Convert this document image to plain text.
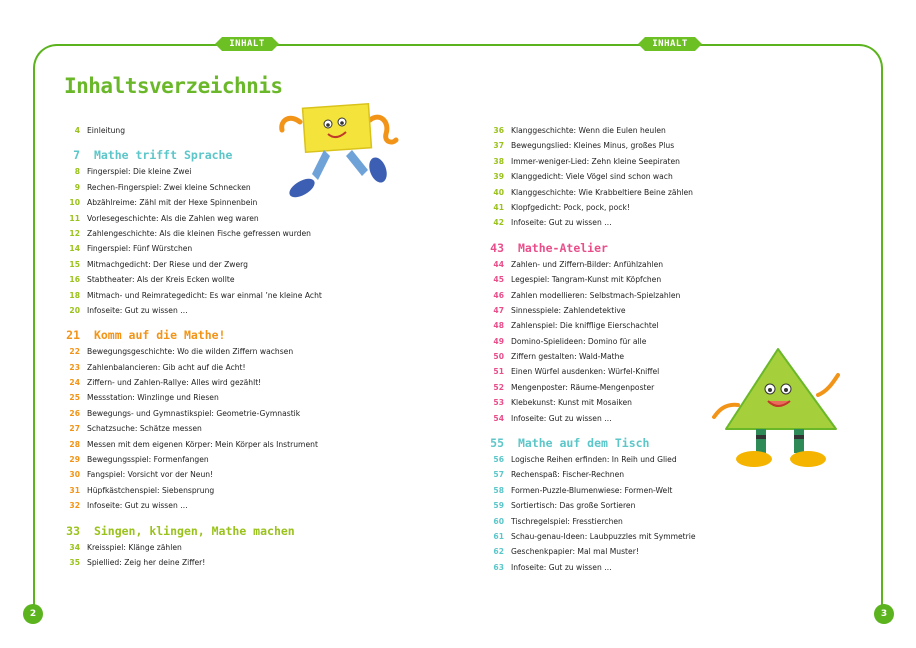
INHALT	INHALT
Inhaltsverzeichnis
4 Einleitung
7 Mathe trifft Sprache
8 Fingerspiel: Die kleine Zwei
9 Rechen-Fingerspiel: Zwei kleine Schnecken
10 Abzählreime: Zähl mit der Hexe Spinnenbein
11 Vorlesegeschichte: Als die Zahlen weg waren
12 Zahlengeschichte: Als die kleinen Fische gefressen wurden
14 Fingerspiel: Fünf Würstchen
15 Mitmachgedicht: Der Riese und der Zwerg
16 Stabtheater: Als der Kreis Ecken wollte
18 Mitmach- und Reimrategedicht: Es war einmal ’ne kleine Acht
20 Infoseite: Gut zu wissen …
21 Komm auf die Mathe!
22 Bewegungsgeschichte: Wo die wilden Ziffern wachsen
23 Zahlenbalancieren: Gib acht auf die Acht!
24 Ziffern- und Zahlen-Rallye: Alles wird gezählt!
25 Messstation: Winzlinge und Riesen
26 Bewegungs- und Gymnastikspiel: Geometrie-Gymnastik
27 Schatzsuche: Schätze messen
28 Messen mit dem eigenen Körper: Mein Körper als Instrument
29 Bewegungsspiel: Formenfangen
30 Fangspiel: Vorsicht vor der Neun!
31 Hüpfkästchenspiel: Siebensprung
32 Infoseite: Gut zu wissen …
33 Singen, klingen, Mathe machen
34 Kreisspiel: Klänge zählen
35 Spiellied: Zeig her deine Ziffer!
36 Klanggeschichte: Wenn die Eulen heulen
37 Bewegungslied: Kleines Minus, großes Plus
38 Immer-weniger-Lied: Zehn kleine Seepiraten
39 Klanggedicht: Viele Vögel sind schon wach
40 Klanggeschichte: Wie Krabbeltiere Beine zählen
41 Klopfgedicht: Pock, pock, pock!
42 Infoseite: Gut zu wissen …
43 Mathe-Atelier
44 Zahlen- und Ziffern-Bilder: Anfühlzahlen
45 Legespiel: Tangram-Kunst mit Köpfchen
46 Zahlen modellieren: Selbstmach-Spielzahlen
47 Sinnesspiele: Zahlendetektive
48 Zahlenspiel: Die knifflige Eierschachtel
49 Domino-Spielideen: Domino für alle
50 Ziffern gestalten: Wald-Mathe
51 Einen Würfel ausdenken: Würfel-Kniffel
52 Mengenposter: Räume-Mengenposter
53 Klebekunst: Kunst mit Mosaiken
54 Infoseite: Gut zu wissen …
55 Mathe auf dem Tisch
56 Logische Reihen erfinden: In Reih und Glied
57 Rechenspaß: Fischer-Rechnen
58 Formen-Puzzle-Blumenwiese: Formen-Welt
59 Sortiertisch: Das große Sortieren
60 Tischregelspiel: Fresstierchen
61 Schau-genau-Ideen: Laubpuzzles mit Symmetrie
62 Geschenkpapier: Mal mal Muster!
63 Infoseite: Gut zu wissen …
2	3
